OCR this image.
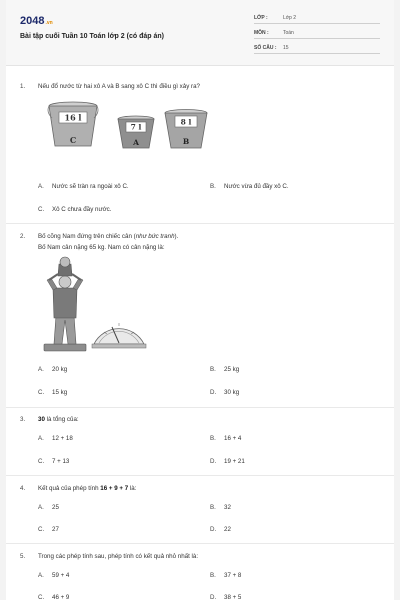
2048.vn
Bài tập cuối Tuần 10 Toán lớp 2 (có đáp án)
LỚP :	Lớp 2
MÔN :	Toán
SỐ CÂU : 15
1. Nếu đổ nước từ hai xô A và B sang xô C thì điều gì xảy ra?
16 l
C
7 l
A
8 l
B
A. Nước sẽ tràn ra ngoài xô C.	B. Nước vừa đủ đầy xô C.
C. Xô C chưa đầy nước.
2. Bố cõng Nam đứng trên chiếc cân (như bức tranh).
Bố Nam cân nặng 65 kg. Nam có cân nặng là:
A. 20 kg	B. 25 kg
C. 15 kg	D. 30 kg
3. 30 là tổng của:
A. 12 + 18	B. 16 + 4
C. 7 + 13	D. 19 + 21
4. Kết quả của phép tính 16 + 9 + 7 là:
A. 25	B. 32
C. 27	D. 22
5. Trong các phép tính sau, phép tính có kết quả nhỏ nhất là:
A. 59 + 4	B. 37 + 8
C. 46 + 9	D. 38 + 5
